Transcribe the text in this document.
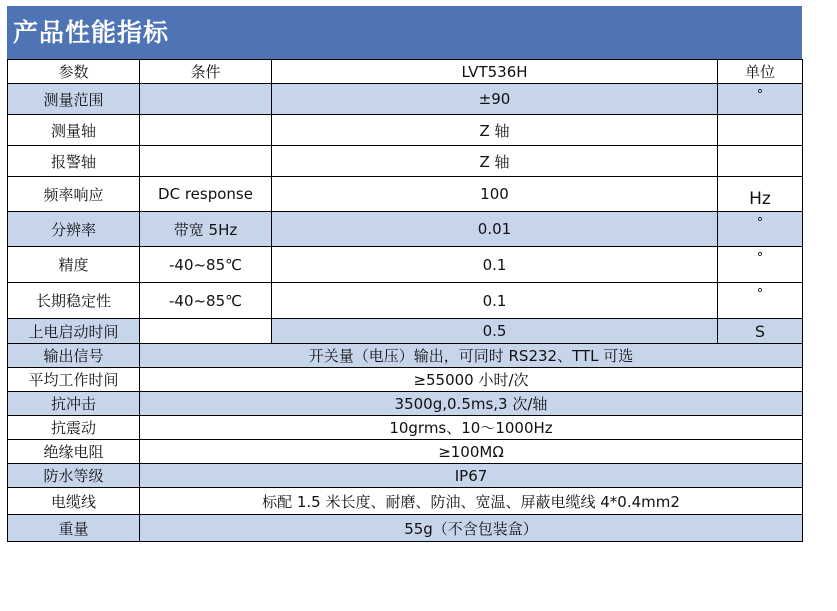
产品性能指标
参数	条件	LVT536H	单位
测量范围		±90	°
测量轴		Z 轴	
报警轴		Z 轴	
频率响应	DC response	100	Hz
分辨率	带宽 5Hz	0.01	°
精度	-40~85℃	0.1	°
长期稳定性	-40~85℃	0.1	°
上电启动时间		0.5	S
输出信号	开关量（电压）输出，可同时 RS232、TTL 可选		
平均工作时间	≥55000 小时/次		
抗冲击	3500g,0.5ms,3 次/轴		
抗震动	10grms、10～1000Hz		
绝缘电阻	≥100MΩ		
防水等级	IP67		
电缆线	标配 1.5 米长度、耐磨、防油、宽温、屏蔽电缆线 4*0.4mm2		
重量	55g（不含包装盒）		
